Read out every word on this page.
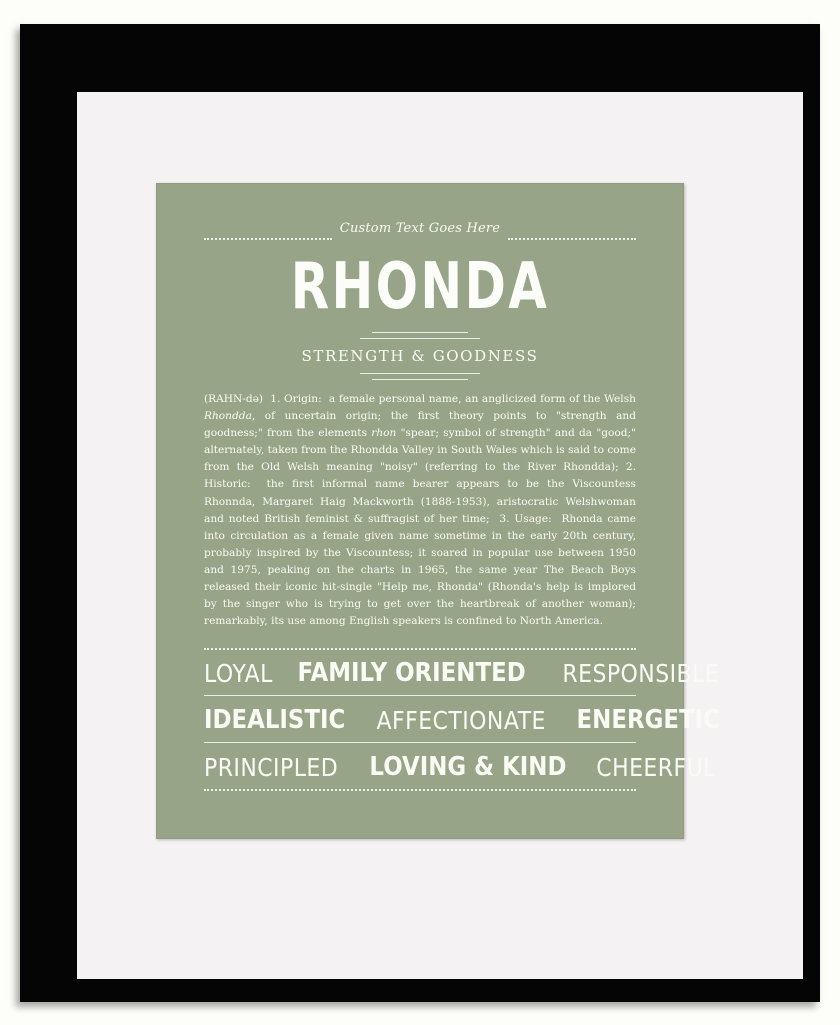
Custom Text Goes Here
RHONDA
STRENGTH & GOODNESS

(RAHN-də) 1. Origin: a female personal name, an anglicized form of the Welsh Rhondda, of uncertain origin; the first theory points to "strength and goodness;" from the elements rhon "spear; symbol of strength" and da "good;" alternately, taken from the Rhondda Valley in South Wales which is said to come from the Old Welsh meaning "noisy" (referring to the River Rhondda); 2. Historic: the first informal name bearer appears to be the Viscountess Rhonnda, Margaret Haig Mackworth (1888-1953), aristocratic Welshwoman and noted British feminist & suffragist of her time; 3. Usage: Rhonda came into circulation as a female given name sometime in the early 20th century, probably inspired by the Viscountess; it soared in popular use between 1950 and 1975, peaking on the charts in 1965, the same year The Beach Boys released their iconic hit-single "Help me, Rhonda" (Rhonda's help is implored by the singer who is trying to get over the heartbreak of another woman); remarkably, its use among English speakers is confined to North America.

LOYAL FAMILY ORIENTED RESPONSIBLE
IDEALISTIC AFFECTIONATE ENERGETIC
PRINCIPLED LOVING & KIND CHEERFUL
